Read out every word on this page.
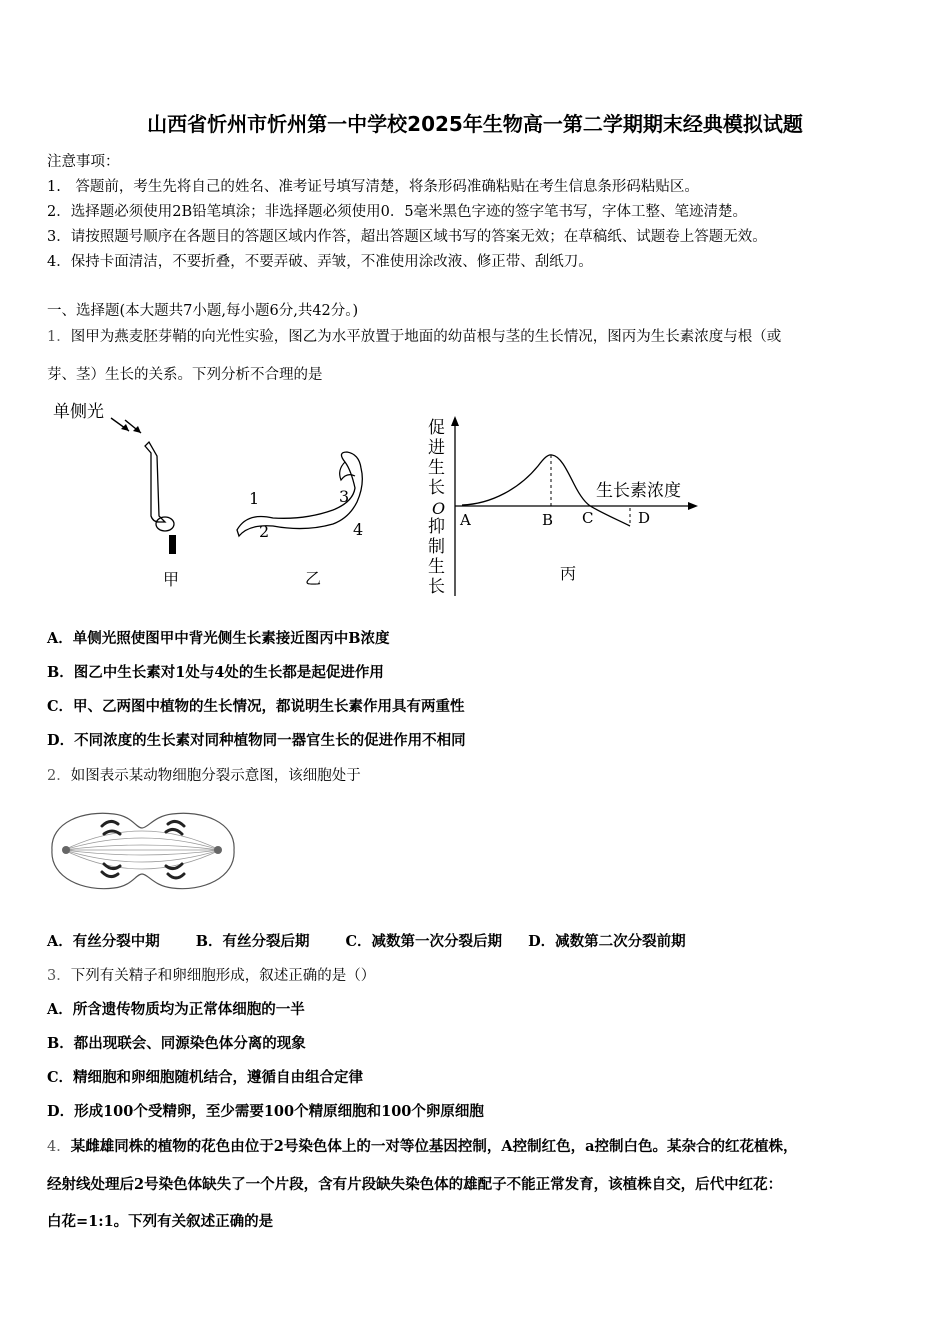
山西省忻州市忻州第一中学校2025年生物高一第二学期期末经典模拟试题
注意事项：
1.　答题前，考生先将自己的姓名、准考证号填写清楚，将条形码准确粘贴在考生信息条形码粘贴区。
2．选择题必须使用2B铅笔填涂；非选择题必须使用0．5毫米黑色字迹的签字笔书写，字体工整、笔迹清楚。
3．请按照题号顺序在各题目的答题区域内作答，超出答题区域书写的答案无效；在草稿纸、试题卷上答题无效。
4．保持卡面清洁，不要折叠，不要弄破、弄皱，不准使用涂改液、修正带、刮纸刀。
一、选择题(本大题共7小题,每小题6分,共42分。)
1．图甲为燕麦胚芽鞘的向光性实验，图乙为水平放置于地面的幼苗根与茎的生长情况，图丙为生长素浓度与根（或
芽、茎）生长的关系。下列分析不合理的是
单侧光
甲
1
2
3
4
乙
促
进
生
长
O
抑
制
生
长
A	B C	D
生长素浓度
丙
A．单侧光照使图甲中背光侧生长素接近图丙中B浓度
B．图乙中生长素对1处与4处的生长都是起促进作用
C．甲、乙两图中植物的生长情况，都说明生长素作用具有两重性
D．不同浓度的生长素对同种植物同一器官生长的促进作用不相同
2．如图表示某动物细胞分裂示意图，该细胞处于
A．有丝分裂中期 B．有丝分裂后期 C．减数第一次分裂后期 D．减数第二次分裂前期
3．下列有关精子和卵细胞形成，叙述正确的是（）
A．所含遗传物质均为正常体细胞的一半
B．都出现联会、同源染色体分离的现象
C．精细胞和卵细胞随机结合，遵循自由组合定律
D．形成100个受精卵，至少需要100个精原细胞和100个卵原细胞
4．某雌雄同株的植物的花色由位于2号染色体上的一对等位基因控制，A控制红色，a控制白色。某杂合的红花植株，
经射线处理后2号染色体缺失了一个片段，含有片段缺失染色体的雄配子不能正常发育，该植株自交，后代中红花：
白花=1:1。下列有关叙述正确的是
